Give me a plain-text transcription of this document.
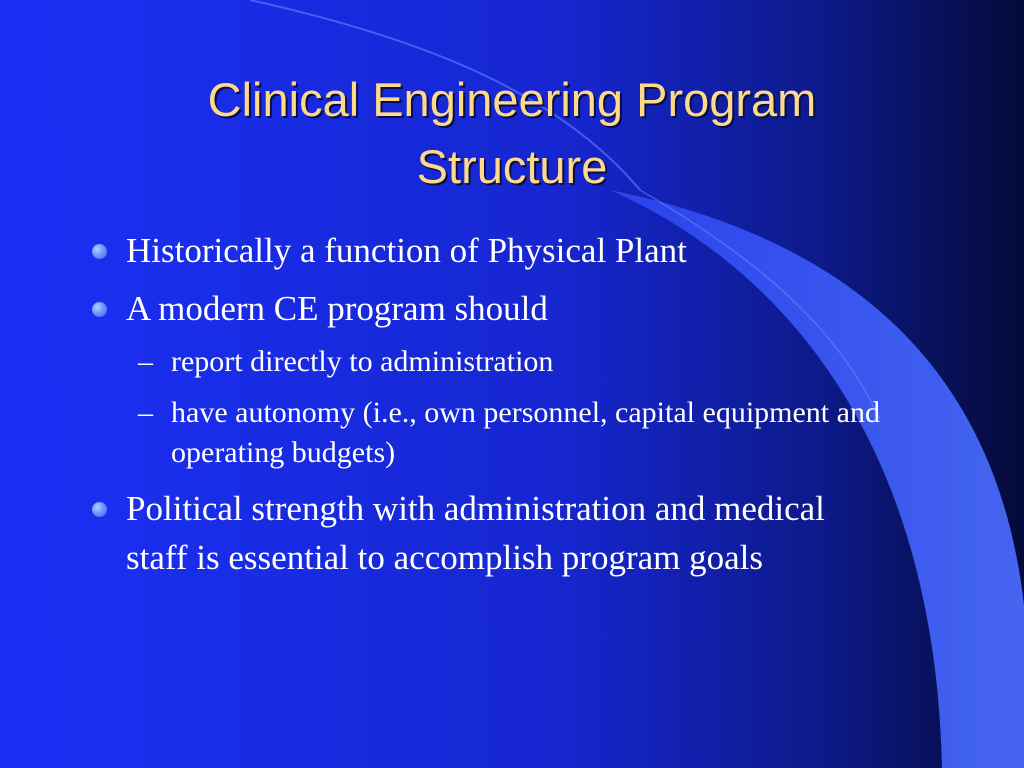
Clinical Engineering Program
Structure
Historically a function of Physical Plant
A modern CE program should
– report directly to administration
– have autonomy (i.e., own personnel, capital equipment and operating budgets)
Political strength with administration and medical staff is essential to accomplish program goals
